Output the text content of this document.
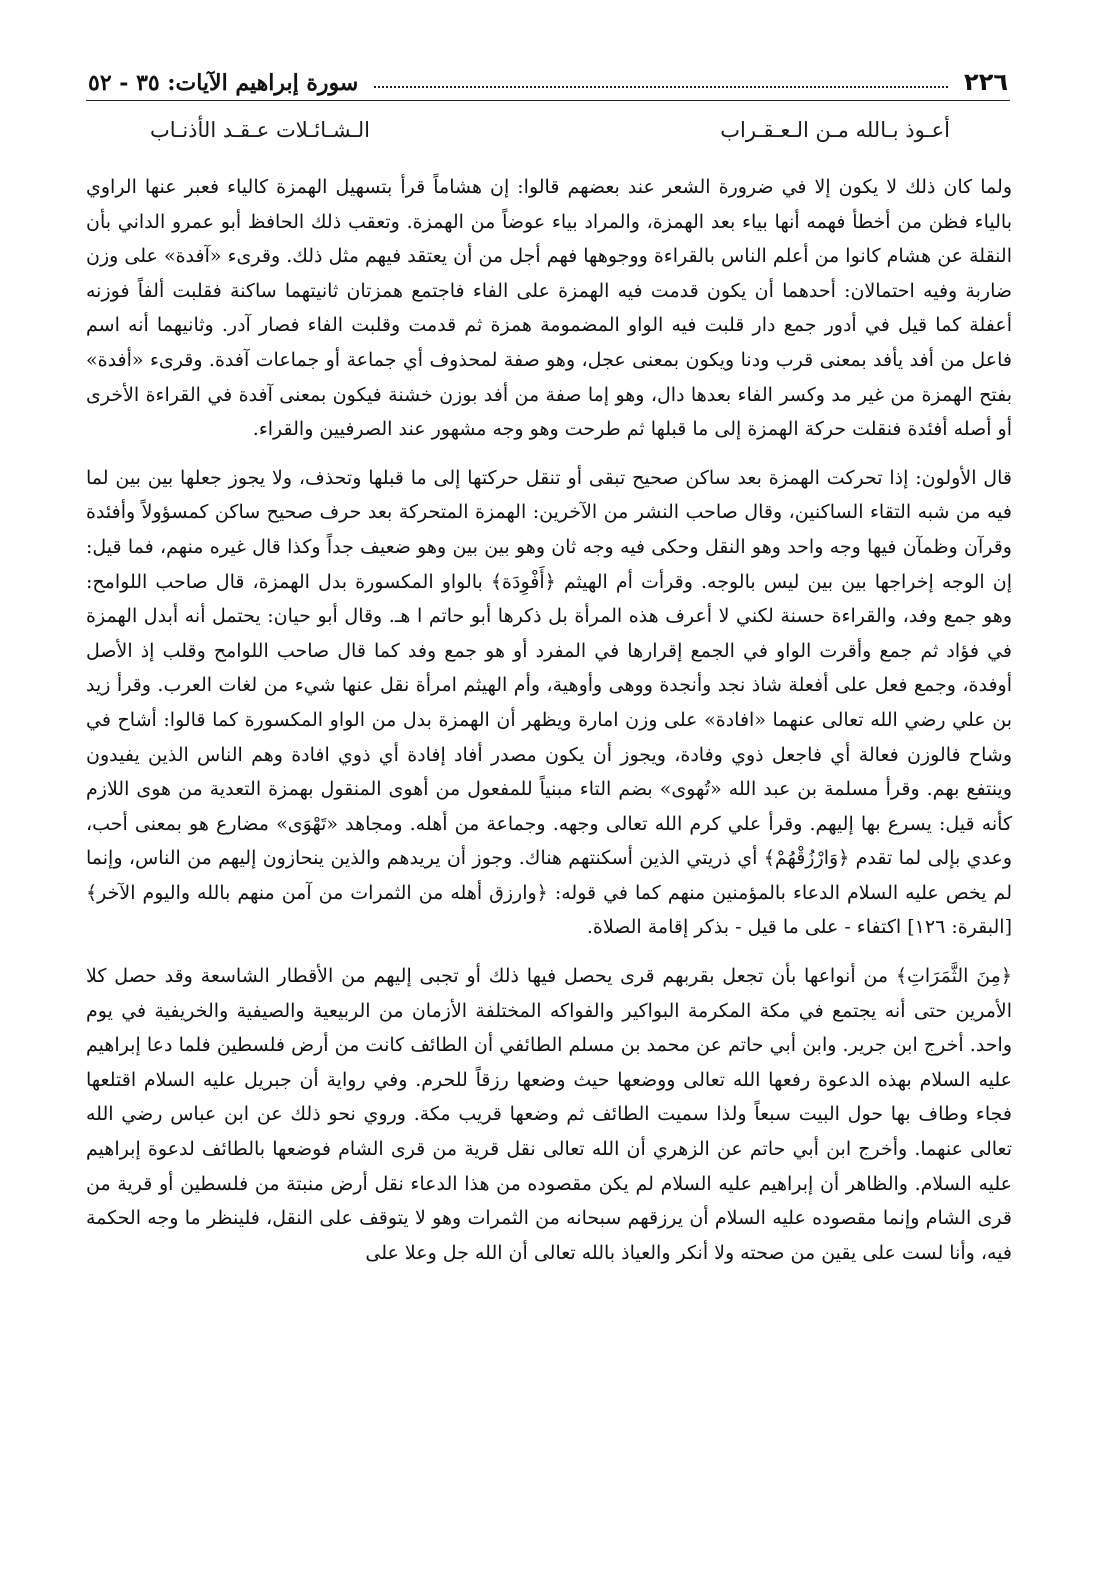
٢٢٦
سورة إبراهيم الآيات: ٣٥ - ٥٢
أعـوذ بـالله مـن الـعـقـراب
الـشـائـلات عـقـد الأذنـاب

ولما كان ذلك لا يكون إلا في ضرورة الشعر عند بعضهم قالوا: إن هشاماً قرأ بتسهيل الهمزة كالياء فعبر عنها الراوي بالياء فظن من أخطأ فهمه أنها بياء بعد الهمزة، والمراد بياء عوضاً من الهمزة. وتعقب ذلك الحافظ أبو عمرو الداني بأن النقلة عن هشام كانوا من أعلم الناس بالقراءة ووجوهها فهم أجل من أن يعتقد فيهم مثل ذلك. وقرىء «آفدة» على وزن ضاربة وفيه احتمالان: أحدهما أن يكون قدمت فيه الهمزة على الفاء فاجتمع همزتان ثانيتهما ساكنة فقلبت ألفاً فوزنه أعفلة كما قيل في أدور جمع دار قلبت فيه الواو المضمومة همزة ثم قدمت وقلبت الفاء فصار آدر. وثانيهما أنه اسم فاعل من أفد يأفد بمعنى قرب ودنا ويكون بمعنى عجل، وهو صفة لمحذوف أي جماعة أو جماعات آفدة. وقرىء «أفدة» بفتح الهمزة من غير مد وكسر الفاء بعدها دال، وهو إما صفة من أفد بوزن خشنة فيكون بمعنى آفدة في القراءة الأخرى أو أصله أفئدة فنقلت حركة الهمزة إلى ما قبلها ثم طرحت وهو وجه مشهور عند الصرفيين والقراء.

قال الأولون: إذا تحركت الهمزة بعد ساكن صحيح تبقى أو تنقل حركتها إلى ما قبلها وتحذف، ولا يجوز جعلها بين بين لما فيه من شبه التقاء الساكنين، وقال صاحب النشر من الآخرين: الهمزة المتحركة بعد حرف صحيح ساكن كمسؤولاً وأفئدة وقرآن وظمآن فيها وجه واحد وهو النقل وحكى فيه وجه ثان وهو بين بين وهو ضعيف جداً وكذا قال غيره منهم، فما قيل: إن الوجه إخراجها بين بين ليس بالوجه. وقرأت أم الهيثم ﴿أَفْوِدَة﴾ بالواو المكسورة بدل الهمزة، قال صاحب اللوامح: وهو جمع وفد، والقراءة حسنة لكني لا أعرف هذه المرأة بل ذكرها أبو حاتم ا هـ. وقال أبو حيان: يحتمل أنه أبدل الهمزة في فؤاد ثم جمع وأقرت الواو في الجمع إقرارها في المفرد أو هو جمع وفد كما قال صاحب اللوامح وقلب إذ الأصل أوفدة، وجمع فعل على أفعلة شاذ نجد وأنجدة ووهى وأوهية، وأم الهيثم امرأة نقل عنها شيء من لغات العرب. وقرأ زيد بن علي رضي الله تعالى عنهما «افادة» على وزن امارة ويظهر أن الهمزة بدل من الواو المكسورة كما قالوا: أشاح في وشاح فالوزن فعالة أي فاجعل ذوي وفادة، ويجوز أن يكون مصدر أفاد إفادة أي ذوي افادة وهم الناس الذين يفيدون وينتفع بهم. وقرأ مسلمة بن عبد الله «تُهوى» بضم التاء مبنياً للمفعول من أهوى المنقول بهمزة التعدية من هوى اللازم كأنه قيل: يسرع بها إليهم. وقرأ علي كرم الله تعالى وجهه. وجماعة من أهله. ومجاهد «تَهْوَى» مضارع هو بمعنى أحب، وعدي بإلى لما تقدم ﴿وَارْزُقْهُمْ﴾ أي ذريتي الذين أسكنتهم هناك. وجوز أن يريدهم والذين ينحازون إليهم من الناس، وإنما لم يخص عليه السلام الدعاء بالمؤمنين منهم كما في قوله: ﴿وارزق أهله من الثمرات من آمن منهم بالله واليوم الآخر﴾ [البقرة: ١٢٦] اكتفاء - على ما قيل - بذكر إقامة الصلاة.

﴿مِنَ الثَّمَرَاتِ﴾ من أنواعها بأن تجعل بقربهم قرى يحصل فيها ذلك أو تجبى إليهم من الأقطار الشاسعة وقد حصل كلا الأمرين حتى أنه يجتمع في مكة المكرمة البواكير والفواكه المختلفة الأزمان من الربيعية والصيفية والخريفية في يوم واحد. أخرج ابن جرير. وابن أبي حاتم عن محمد بن مسلم الطائفي أن الطائف كانت من أرض فلسطين فلما دعا إبراهيم عليه السلام بهذه الدعوة رفعها الله تعالى ووضعها حيث وضعها رزقاً للحرم. وفي رواية أن جبريل عليه السلام اقتلعها فجاء وطاف بها حول البيت سبعاً ولذا سميت الطائف ثم وضعها قريب مكة. وروي نحو ذلك عن ابن عباس رضي الله تعالى عنهما. وأخرج ابن أبي حاتم عن الزهري أن الله تعالى نقل قرية من قرى الشام فوضعها بالطائف لدعوة إبراهيم عليه السلام. والظاهر أن إبراهيم عليه السلام لم يكن مقصوده من هذا الدعاء نقل أرض منبتة من فلسطين أو قرية من قرى الشام وإنما مقصوده عليه السلام أن يرزقهم سبحانه من الثمرات وهو لا يتوقف على النقل، فلينظر ما وجه الحكمة فيه، وأنا لست على يقين من صحته ولا أنكر والعياذ بالله تعالى أن الله جل وعلا على
